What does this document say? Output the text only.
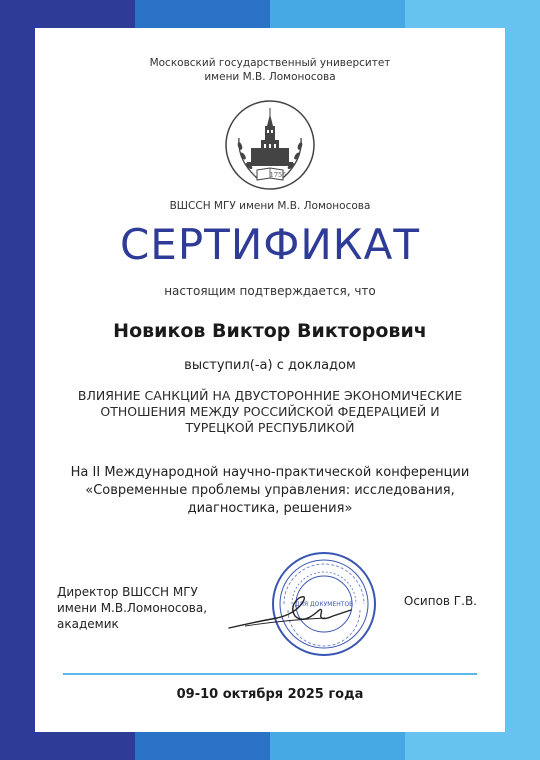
Московский государственный университет
имени М.В. Ломоносова
1755
ВШССН МГУ имени М.В. Ломоносова
СЕРТИФИКАТ
настоящим подтверждается, что
Новиков Виктор Викторович
выступил(-а) с докладом
ВЛИЯНИЕ САНКЦИЙ НА ДВУСТОРОННИЕ ЭКОНОМИЧЕСКИЕ ОТНОШЕНИЯ МЕЖДУ РОССИЙСКОЙ ФЕДЕРАЦИЕЙ И ТУРЕЦКОЙ РЕСПУБЛИКОЙ
На II Международной научно-практической конференции «Современные проблемы управления: исследования, диагностика, решения»
Директор ВШССН МГУ
имени М.В.Ломоносова,
академик
ДЛЯ ДОКУМЕНТОВ	Осипов Г.В.
09-10 октября 2025 года
